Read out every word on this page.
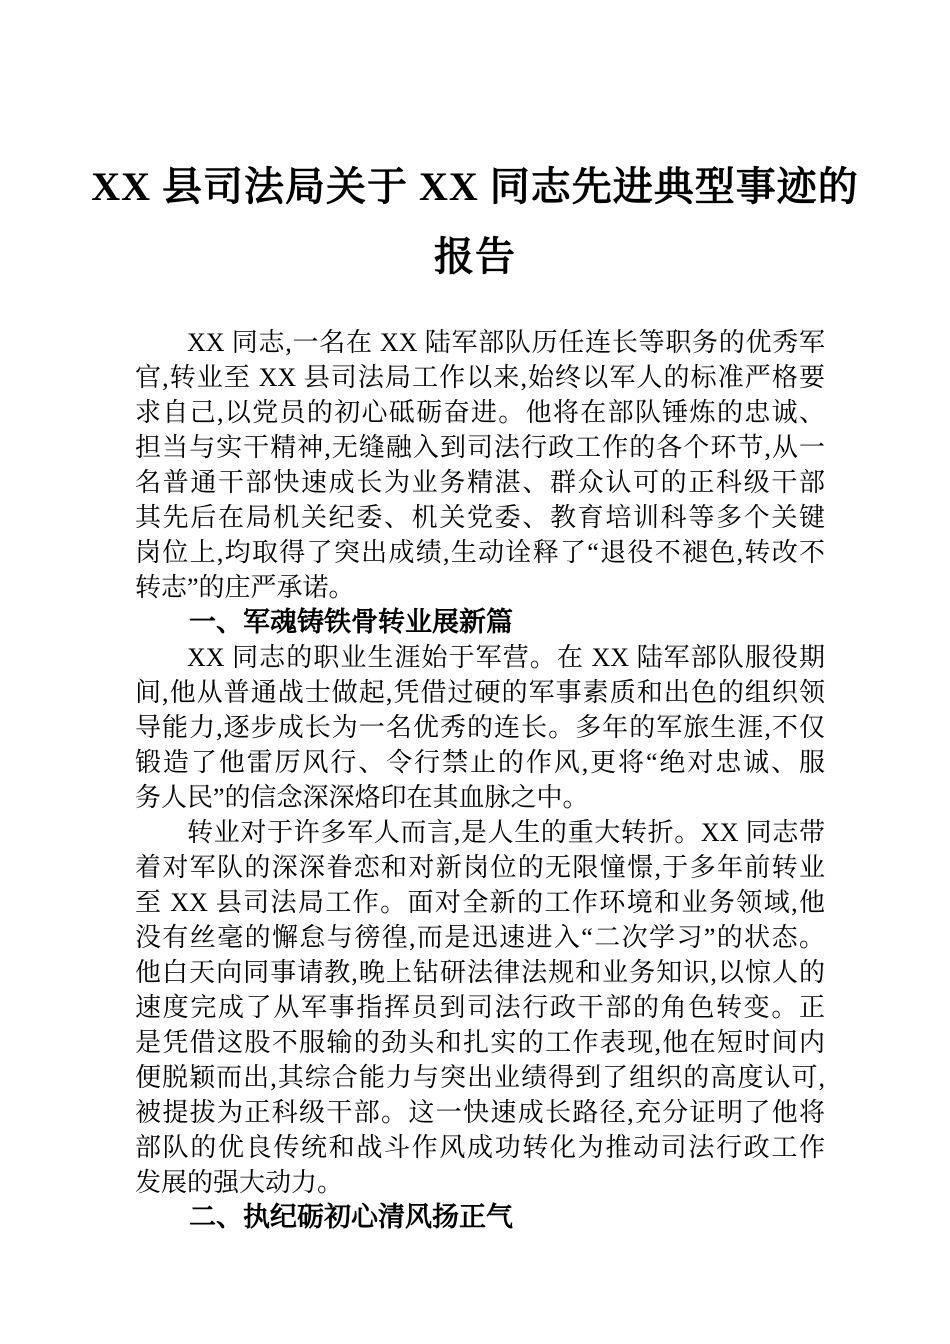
XX 县司法局关于 XX 同志先进典型事迹的
报告
XX 同志,一名在 XX 陆军部队历任连长等职务的优秀军
官,转业至 XX 县司法局工作以来,始终以军人的标准严格要
求自己,以党员的初心砥砺奋进。他将在部队锤炼的忠诚、
担当与实干精神,无缝融入到司法行政工作的各个环节,从一
名普通干部快速成长为业务精湛、群众认可的正科级干部
其先后在局机关纪委、机关党委、教育培训科等多个关键
岗位上,均取得了突出成绩,生动诠释了“退役不褪色,转改不
转志”的庄严承诺。
一、军魂铸铁骨转业展新篇
XX 同志的职业生涯始于军营。在 XX 陆军部队服役期
间,他从普通战士做起,凭借过硬的军事素质和出色的组织领
导能力,逐步成长为一名优秀的连长。多年的军旅生涯,不仅
锻造了他雷厉风行、令行禁止的作风,更将“绝对忠诚、服
务人民”的信念深深烙印在其血脉之中。
转业对于许多军人而言,是人生的重大转折。XX 同志带
着对军队的深深眷恋和对新岗位的无限憧憬,于多年前转业
至 XX 县司法局工作。面对全新的工作环境和业务领域,他
没有丝毫的懈怠与徬徨,而是迅速进入“二次学习”的状态。
他白天向同事请教,晚上钻研法律法规和业务知识,以惊人的
速度完成了从军事指挥员到司法行政干部的角色转变。正
是凭借这股不服输的劲头和扎实的工作表现,他在短时间内
便脱颖而出,其综合能力与突出业绩得到了组织的高度认可,
被提拔为正科级干部。这一快速成长路径,充分证明了他将
部队的优良传统和战斗作风成功转化为推动司法行政工作
发展的强大动力。
二、执纪砺初心清风扬正气
